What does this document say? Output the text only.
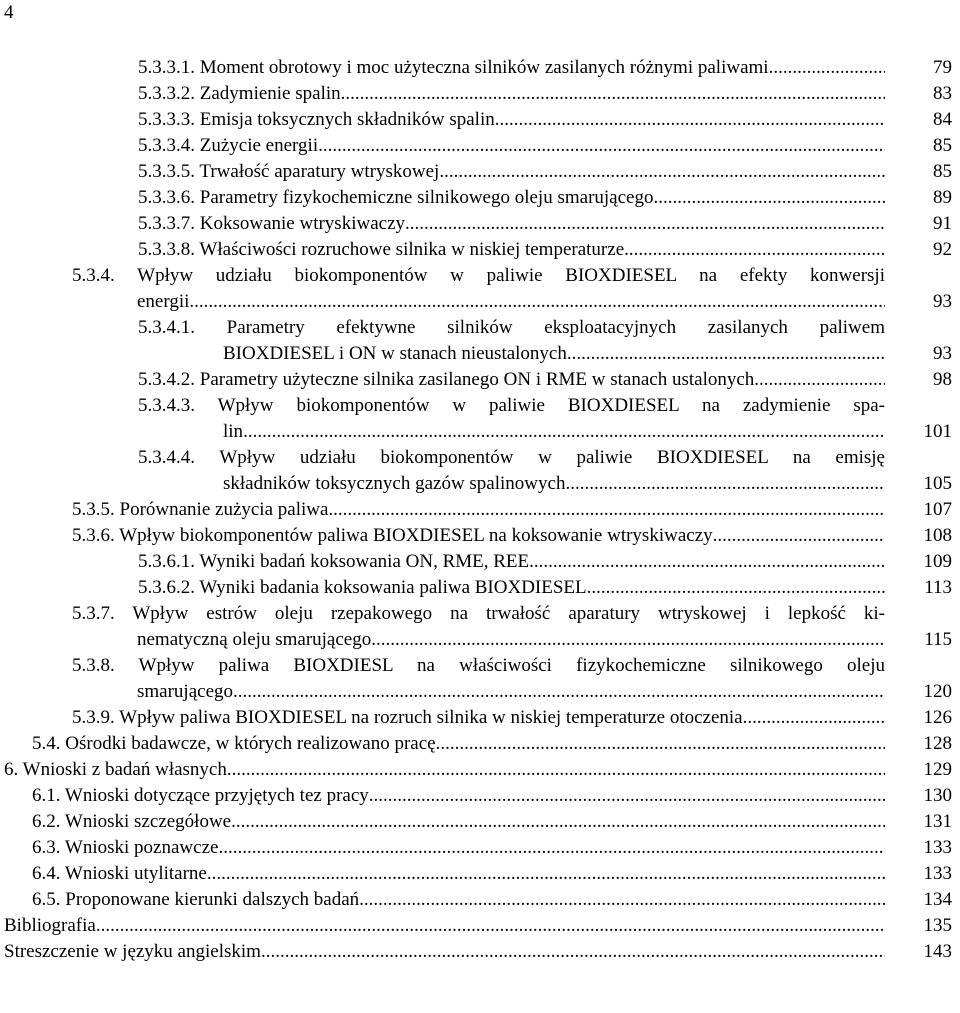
4
5.3.3.1. Moment obrotowy i moc użyteczna silników zasilanych różnymi paliwami .....	79
5.3.3.2. Zadymienie spalin .....	83
5.3.3.3. Emisja toksycznych składników spalin .....	84
5.3.3.4. Zużycie energii .....	85
5.3.3.5. Trwałość aparatury wtryskowej .....	85
5.3.3.6. Parametry fizykochemiczne silnikowego oleju smarującego .....	89
5.3.3.7. Koksowanie wtryskiwaczy .....	91
5.3.3.8. Właściwości rozruchowe silnika w niskiej temperaturze .....	92
5.3.4. Wpływ udziału biokomponentów w paliwie BIOXDIESEL na efekty konwersji
energii .....	93
5.3.4.1. Parametry efektywne silników eksploatacyjnych zasilanych paliwem
BIOXDIESEL i ON w stanach nieustalonych .....	93
5.3.4.2. Parametry użyteczne silnika zasilanego ON i RME w stanach ustalonych .....	98
5.3.4.3. Wpływ biokomponentów w paliwie BIOXDIESEL na zadymienie spa-
lin .....	101
5.3.4.4. Wpływ udziału biokomponentów w paliwie BIOXDIESEL na emisję
składników toksycznych gazów spalinowych .....	105
5.3.5. Porównanie zużycia paliwa .....	107
5.3.6. Wpływ biokomponentów paliwa BIOXDIESEL na koksowanie wtryskiwaczy .....	108
5.3.6.1. Wyniki badań koksowania ON, RME, REE .....	109
5.3.6.2. Wyniki badania koksowania paliwa BIOXDIESEL .....	113
5.3.7. Wpływ estrów oleju rzepakowego na trwałość aparatury wtryskowej i lepkość ki-
nematyczną oleju smarującego .....	115
5.3.8. Wpływ paliwa BIOXDIESL na właściwości fizykochemiczne silnikowego oleju
smarującego .....	120
5.3.9. Wpływ paliwa BIOXDIESEL na rozruch silnika w niskiej temperaturze otoczenia .....	126
5.4. Ośrodki badawcze, w których realizowano pracę .....	128
6. Wnioski z badań własnych .....	129
6.1. Wnioski dotyczące przyjętych tez pracy .....	130
6.2. Wnioski szczegółowe .....	131
6.3. Wnioski poznawcze .....	133
6.4. Wnioski utylitarne .....	133
6.5. Proponowane kierunki dalszych badań .....	134
Bibliografia .....	135
Streszczenie w języku angielskim .....	143
